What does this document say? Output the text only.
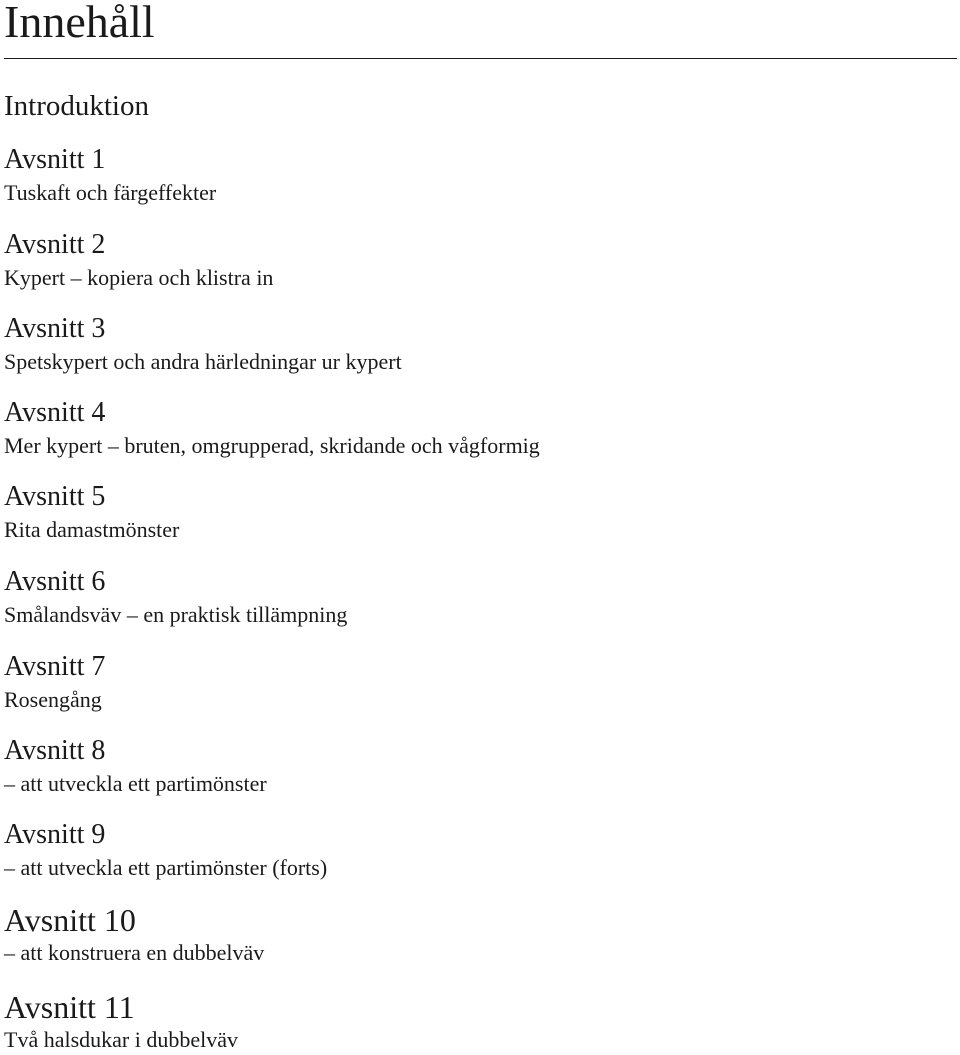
Innehåll
Introduktion
Avsnitt 1
Tuskaft och färgeffekter
Avsnitt 2
Kypert – kopiera och klistra in
Avsnitt 3
Spetskypert och andra härledningar ur kypert
Avsnitt 4
Mer kypert – bruten, omgrupperad, skridande och vågformig
Avsnitt 5
Rita damastmönster
Avsnitt 6
Smålandsväv – en praktisk tillämpning
Avsnitt 7
Rosengång
Avsnitt 8
– att utveckla ett partimönster
Avsnitt 9
– att utveckla ett partimönster (forts)
Avsnitt 10
– att konstruera en dubbelväv
Avsnitt 11
Två halsdukar i dubbelväv
